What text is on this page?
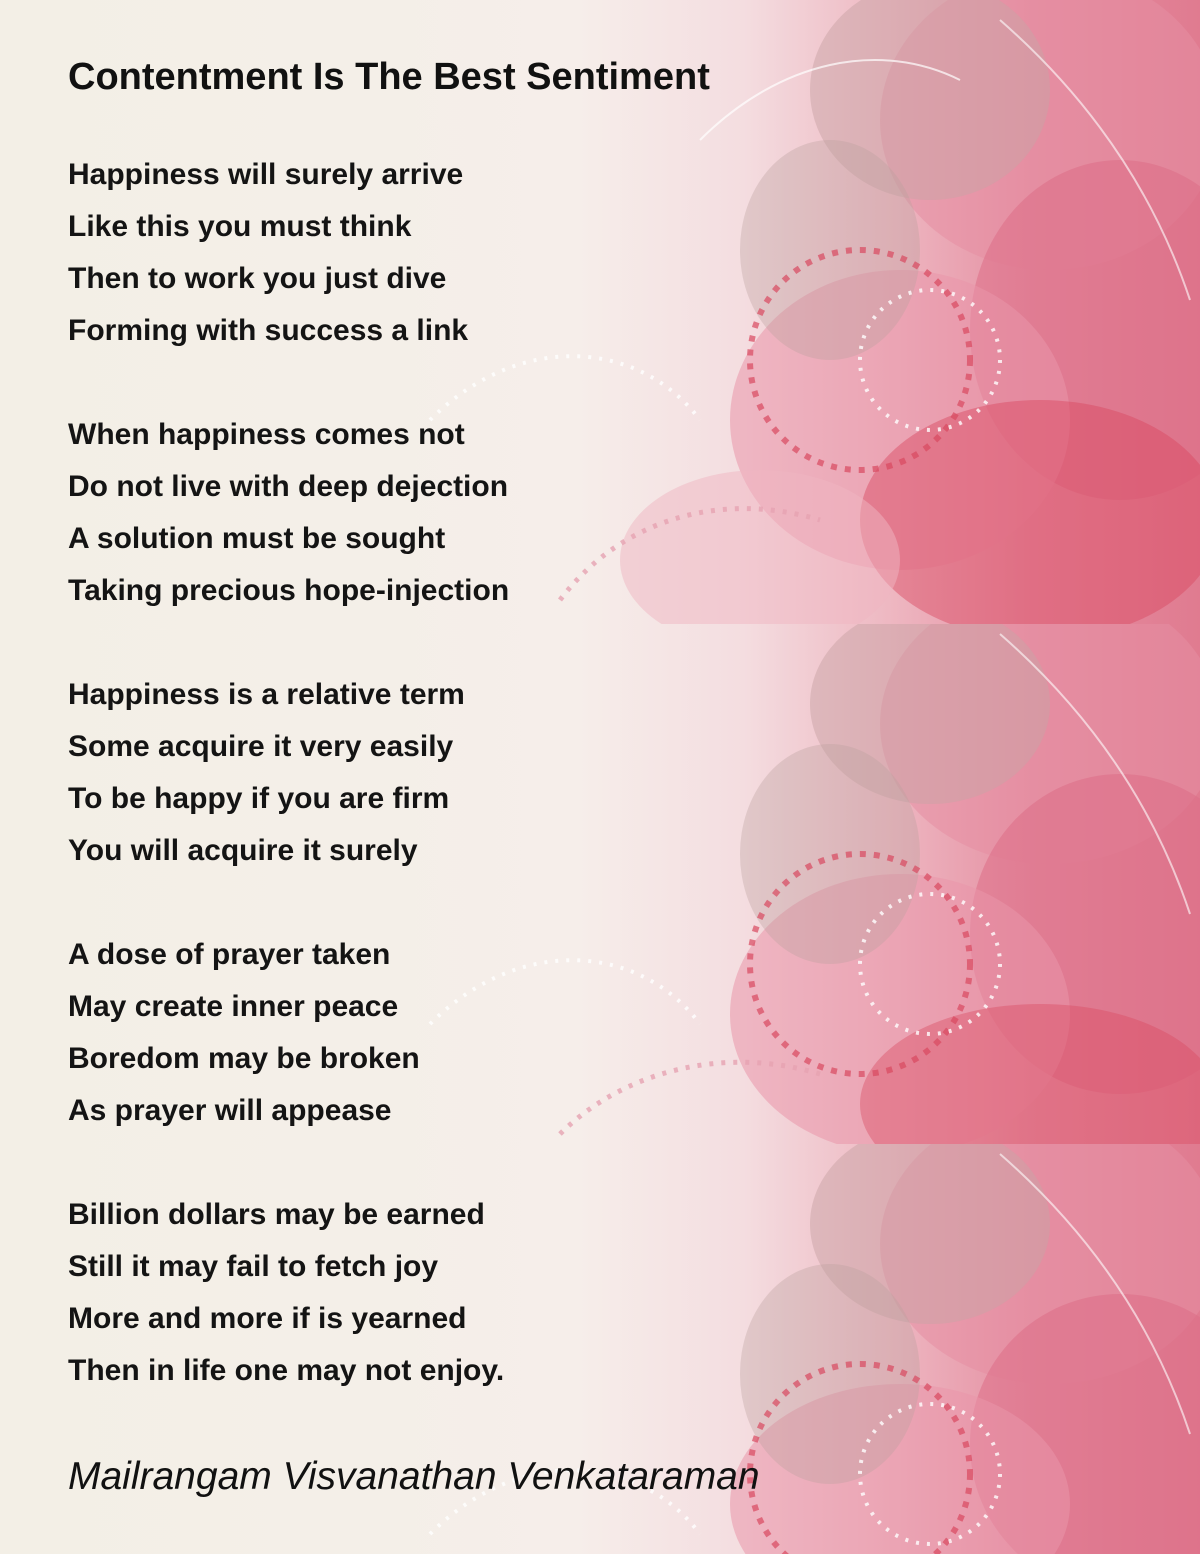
Contentment Is The Best Sentiment

Happiness will surely arrive

Like this you must think

Then to work you just dive

Forming with success a link

When happiness comes not

Do not live with deep dejection

A solution must be sought

Taking precious hope-injection

Happiness is a relative term

Some acquire it very easily

To be happy if you are firm

You will acquire it surely

A dose of prayer taken

May create inner peace

Boredom may be broken

As prayer will appease

Billion dollars may be earned

Still it may fail to fetch joy

More and more if is yearned

Then in life one may not enjoy.

Mailrangam Visvanathan Venkataraman
